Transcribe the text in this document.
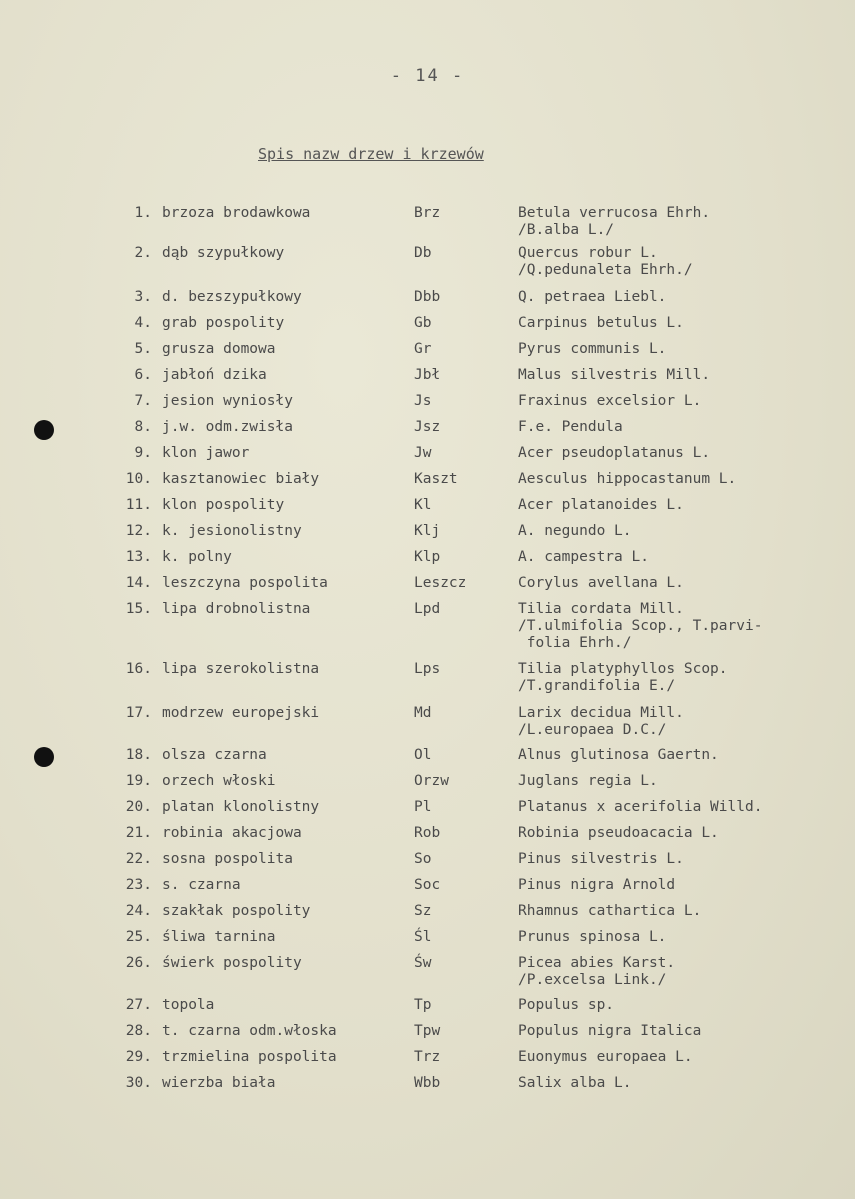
- 14 -
Spis nazw drzew i krzewów
1. brzoza brodawkowa	Brz	Betula verrucosa Ehrh.
/B.alba L./
2. dąb szypułkowy	Db	Quercus robur L.
/Q.pedunaleta Ehrh./
3. d. bezszypułkowy	Dbb	Q. petraea Liebl.
4. grab pospolity	Gb	Carpinus betulus L.
5. grusza domowa	Gr	Pyrus communis L.
6. jabłoń dzika	Jbł	Malus silvestris Mill.
7. jesion wyniosły	Js	Fraxinus excelsior L.
8. j.w. odm.zwisła	Jsz	F.e. Pendula
9. klon jawor	Jw	Acer pseudoplatanus L.
10. kasztanowiec biały	Kaszt	Aesculus hippocastanum L.
11. klon pospolity	Kl	Acer platanoides L.
12. k. jesionolistny	Klj	A. negundo L.
13. k. polny	Klp	A. campestra L.
14. leszczyna pospolita	Leszcz	Corylus avellana L.
15. lipa drobnolistna	Lpd	Tilia cordata Mill.
/T.ulmifolia Scop., T.parvi-
folia Ehrh./
16. lipa szerokolistna	Lps	Tilia platyphyllos Scop.
/T.grandifolia E./
17. modrzew europejski	Md	Larix decidua Mill.
/L.europaea D.C./
18. olsza czarna	Ol	Alnus glutinosa Gaertn.
19. orzech włoski	Orzw	Juglans regia L.
20. platan klonolistny	Pl	Platanus x acerifolia Willd.
21. robinia akacjowa	Rob	Robinia pseudoacacia L.
22. sosna pospolita	So	Pinus silvestris L.
23. s. czarna	Soc	Pinus nigra Arnold
24. szakłak pospolity	Sz	Rhamnus cathartica L.
25. śliwa tarnina	Śl	Prunus spinosa L.
26. świerk pospolity	Św	Picea abies Karst.
/P.excelsa Link./
27. topola	Tp	Populus sp.
28. t. czarna odm.włoska	Tpw	Populus nigra Italica
29. trzmielina pospolita	Trz	Euonymus europaea L.
30. wierzba biała	Wbb	Salix alba L.
